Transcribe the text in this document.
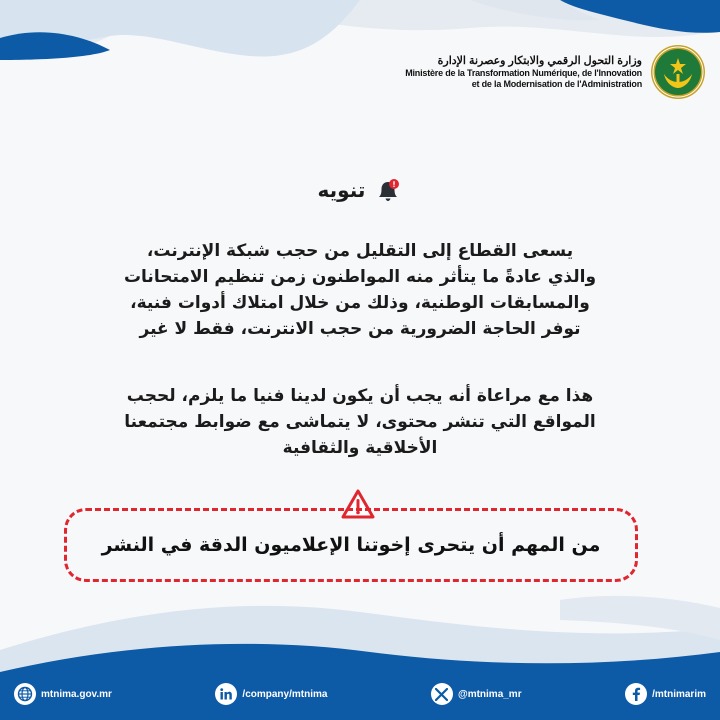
وزارة التحول الرقمي والابتكار وعصرنة الإدارة
Ministère de la Transformation Numérique, de l'Innovation
et de la Modernisation de l'Administration
تنويه
يسعى القطاع إلى التقليل من حجب شبكة الإنترنت،
والذي عادةً ما يتأثر منه المواطنون زمن تنظيم الامتحانات
والمسابقات الوطنية، وذلك من خلال امتلاك أدوات فنية،
توفر الحاجة الضرورية من حجب الانترنت، فقط لا غير
هذا مع مراعاة أنه يجب أن يكون لدينا فنيا ما يلزم، لحجب
المواقع التي تنشر محتوى، لا يتماشى مع ضوابط مجتمعنا
الأخلاقية والثقافية
من المهم أن يتحرى إخوتنا الإعلاميون الدقة في النشر
mtnima.gov.mr	/company/mtnima	@mtnima_mr	/mtnimarim
